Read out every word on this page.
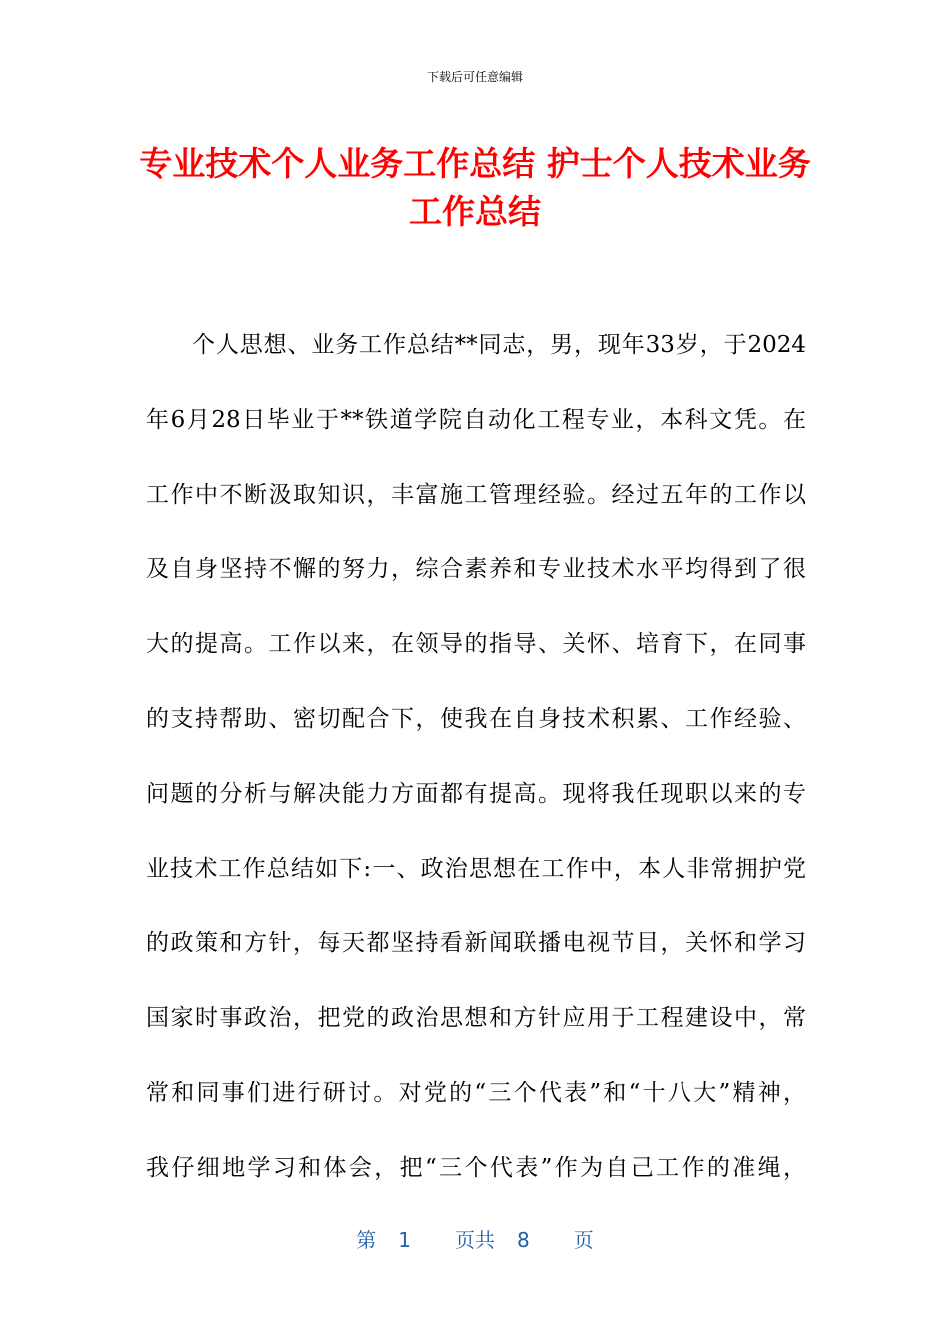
下载后可任意编辑
专业技术个人业务工作总结 护士个人技术业务工作总结
个人思想、业务工作总结**同志，男，现年33岁，于2024
年6月28日毕业于**铁道学院自动化工程专业，本科文凭。在
工作中不断汲取知识，丰富施工管理经验。经过五年的工作以
及自身坚持不懈的努力，综合素养和专业技术水平均得到了很
大的提高。工作以来，在领导的指导、关怀、培育下，在同事
的支持帮助、密切配合下，使我在自身技术积累、工作经验、
问题的分析与解决能力方面都有提高。现将我任现职以来的专
业技术工作总结如下:一、政治思想在工作中，本人非常拥护党
的政策和方针，每天都坚持看新闻联播电视节目，关怀和学习
国家时事政治，把党的政治思想和方针应用于工程建设中，常
常和同事们进行研讨。对党的“三个代表”和“十八大”精神，
我仔细地学习和体会，把“三个代表”作为自己工作的准绳，
第 1 页共 8 页
